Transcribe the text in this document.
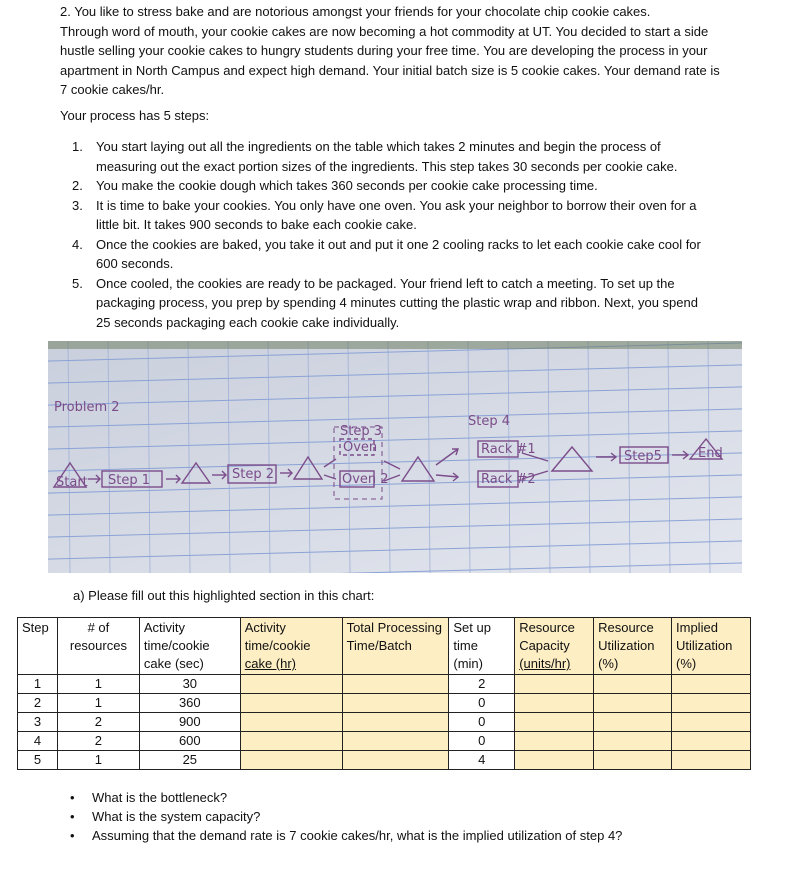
2. You like to stress bake and are notorious amongst your friends for your chocolate chip cookie cakes.
Through word of mouth, your cookie cakes are now becoming a hot commodity at UT. You decided to start a side hustle selling your cookie cakes to hungry students during your free time. You are developing the process in your apartment in North Campus and expect high demand. Your initial batch size is 5 cookie cakes. Your demand rate is 7 cookie cakes/hr.
Your process has 5 steps:
1. You start laying out all the ingredients on the table which takes 2 minutes and begin the process of measuring out the exact portion sizes of the ingredients. This step takes 30 seconds per cookie cake.
2. You make the cookie dough which takes 360 seconds per cookie cake processing time.
3. It is time to bake your cookies. You only have one oven. You ask your neighbor to borrow their oven for a little bit. It takes 900 seconds to bake each cookie cake.
4. Once the cookies are baked, you take it out and put it one 2 cooling racks to let each cookie cake cool for 600 seconds.
5. Once cooled, the cookies are ready to be packaged. Your friend left to catch a meeting. To set up the packaging process, you prep by spending 4 minutes cutting the plastic wrap and ribbon. Next, you spend 25 seconds packaging each cookie cake individually.
Problem 2
Start Step 1	Step 2
Step 3
Oven
Oven 2
Step 4
Rack #1
Rack #2
Step5	End
a) Please fill out this highlighted section in this chart:
Step	# of resources	Activity time/cookie cake (sec)	Activity time/cookie cake (hr)	Total Processing Time/Batch	Set up time (min)	Resource Capacity (units/hr)	Resource Utilization (%)	Implied Utilization (%)
1	1	30			2			
2	1	360			0			
3	2	900			0			
4	2	600			0			
5	1	25			4			
• What is the bottleneck?
• What is the system capacity?
• Assuming that the demand rate is 7 cookie cakes/hr, what is the implied utilization of step 4?
